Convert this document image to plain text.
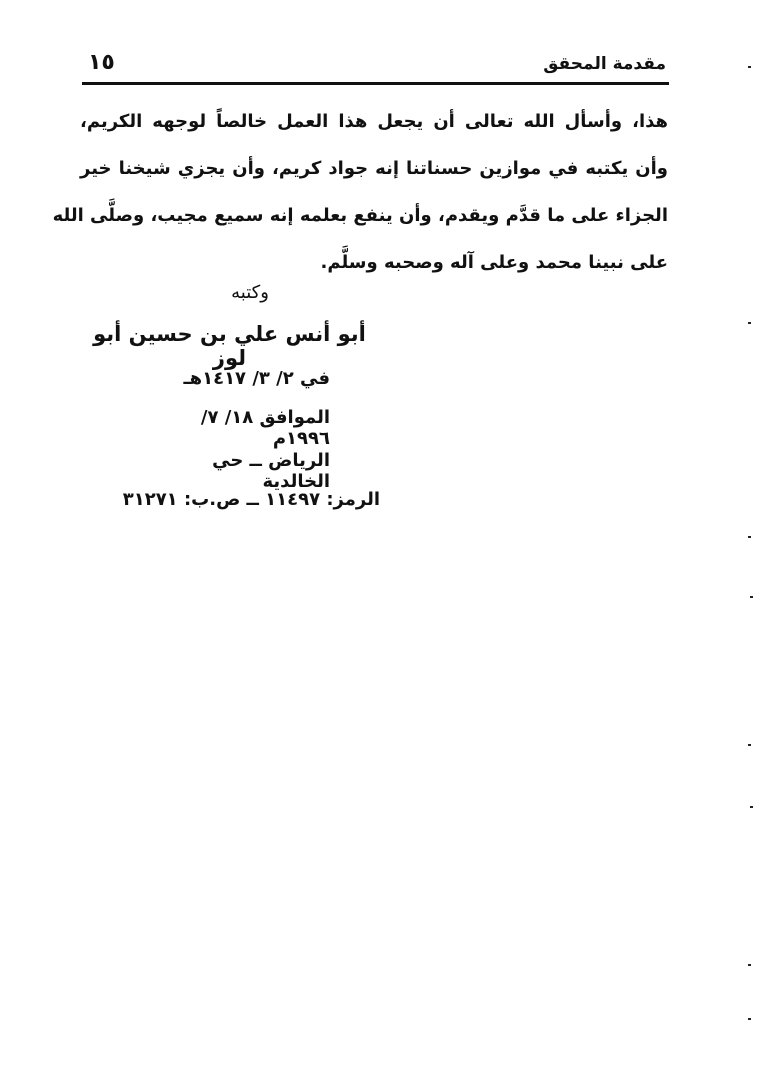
مقدمة المحقق
١٥
هذا، وأسأل الله تعالى أن يجعل هذا العمل خالصاً لوجهه الكريم،
وأن يكتبه في موازين حسناتنا إنه جواد كريم، وأن يجزي شيخنا خير
الجزاء على ما قدَّم ويقدم، وأن ينفع بعلمه إنه سميع مجيب، وصلَّى الله
على نبينا محمد وعلى آله وصحبه وسلَّم.
وكتبه
أبو أنس علي بن حسين أبو لوز
في ٢/ ٣/ ١٤١٧هـ
الموافق ١٨/ ٧/ ١٩٩٦م
الرياض ــ حي الخالدية
الرمز: ١١٤٩٧ ــ ص.ب: ٣١٢٧١
